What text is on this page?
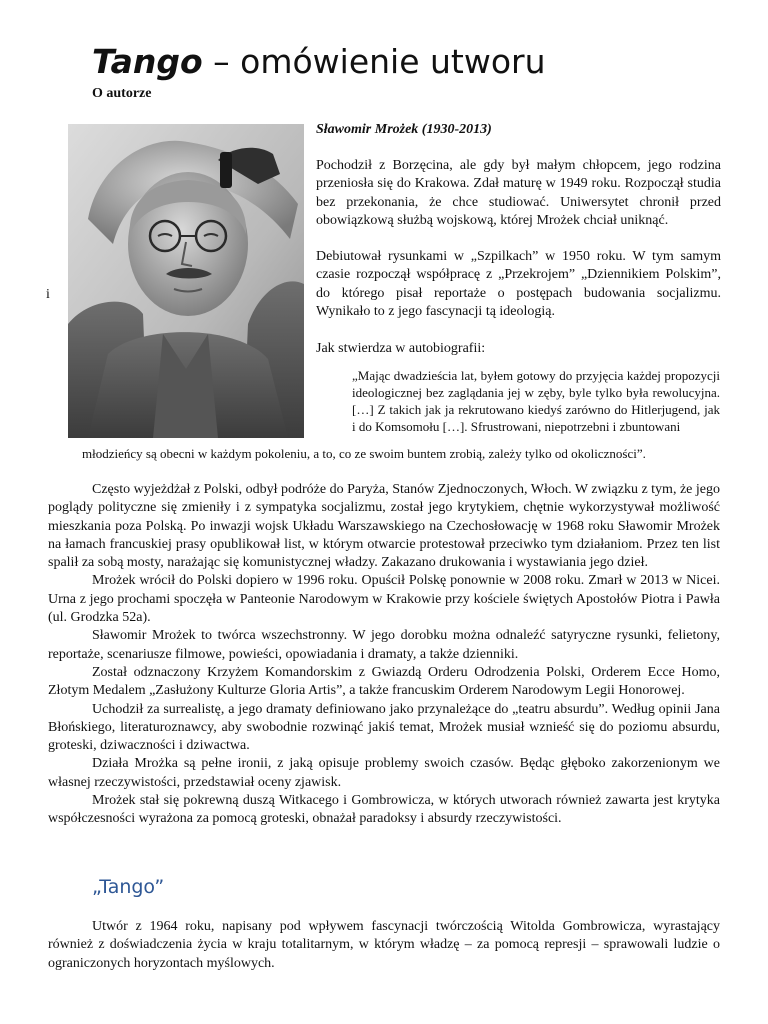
Tango – omówienie utworu
O autorze
i
Sławomir Mrożek (1930-2013)
Pochodził z Borzęcina, ale gdy był małym chłopcem, jego rodzina przeniosła się do Krakowa. Zdał maturę w 1949 roku. Rozpoczął studia bez przekonania, że chce studiować. Uniwersytet chronił przed obowiązkową służbą wojskową, której Mrożek chciał uniknąć.
Debiutował rysunkami w „Szpilkach” w 1950 roku. W tym samym czasie rozpoczął współpracę z „Przekrojem” „Dziennikiem Polskim”, do którego pisał reportaże o postępach budowania socjalizmu. Wynikało to z jego fascynacji tą ideologią.
Jak stwierdza w autobiografii:
„Mając dwadzieścia lat, byłem gotowy do przyjęcia każdej propozycji ideologicznej bez zaglądania jej w zęby, byle tylko była rewolucyjna. […] Z takich jak ja rekrutowano kiedyś zarówno do Hitlerjugend, jak i do Komsomołu […]. Sfrustrowani, niepotrzebni i zbuntowani
młodzieńcy są obecni w każdym pokoleniu, a to, co ze swoim buntem zrobią, zależy tylko od okoliczności”.

Często wyjeżdżał z Polski, odbył podróże do Paryża, Stanów Zjednoczonych, Włoch. W związku z tym, że jego poglądy polityczne się zmieniły i z sympatyka socjalizmu, został jego krytykiem, chętnie wykorzystywał możliwość mieszkania poza Polską. Po inwazji wojsk Układu Warszawskiego na Czechosłowację w 1968 roku Sławomir Mrożek na łamach francuskiej prasy opublikował list, w którym otwarcie protestował przeciwko tym działaniom. Przez ten list spalił za sobą mosty, narażając się komunistycznej władzy. Zakazano drukowania i wystawiania jego dzieł.

Mrożek wrócił do Polski dopiero w 1996 roku. Opuścił Polskę ponownie w 2008 roku. Zmarł w 2013 w Nicei. Urna z jego prochami spoczęła w Panteonie Narodowym w Krakowie przy kościele świętych Apostołów Piotra i Pawła (ul. Grodzka 52a).

Sławomir Mrożek to twórca wszechstronny. W jego dorobku można odnaleźć satyryczne rysunki, felietony, reportaże, scenariusze filmowe, powieści, opowiadania i dramaty, a także dzienniki.

Został odznaczony Krzyżem Komandorskim z Gwiazdą Orderu Odrodzenia Polski, Orderem Ecce Homo, Złotym Medalem „Zasłużony Kulturze Gloria Artis”, a także francuskim Orderem Narodowym Legii Honorowej.

Uchodził za surrealistę, a jego dramaty definiowano jako przynależące do „teatru absurdu”. Według opinii Jana Błońskiego, literaturoznawcy, aby swobodnie rozwinąć jakiś temat, Mrożek musiał wznieść się do poziomu absurdu, groteski, dziwaczności i dziwactwa.

Działa Mrożka są pełne ironii, z jaką opisuje problemy swoich czasów. Będąc głęboko zakorzenionym we własnej rzeczywistości, przedstawiał oceny zjawisk.

Mrożek stał się pokrewną duszą Witkacego i Gombrowicza, w których utworach również zawarta jest krytyka współczesności wyrażona za pomocą groteski, obnażał paradoksy i absurdy rzeczywistości.

„Tango”

Utwór z 1964 roku, napisany pod wpływem fascynacji twórczością Witolda Gombrowicza, wyrastający również z doświadczenia życia w kraju totalitarnym, w którym władzę – za pomocą represji – sprawowali ludzie o ograniczonych horyzontach myślowych.
